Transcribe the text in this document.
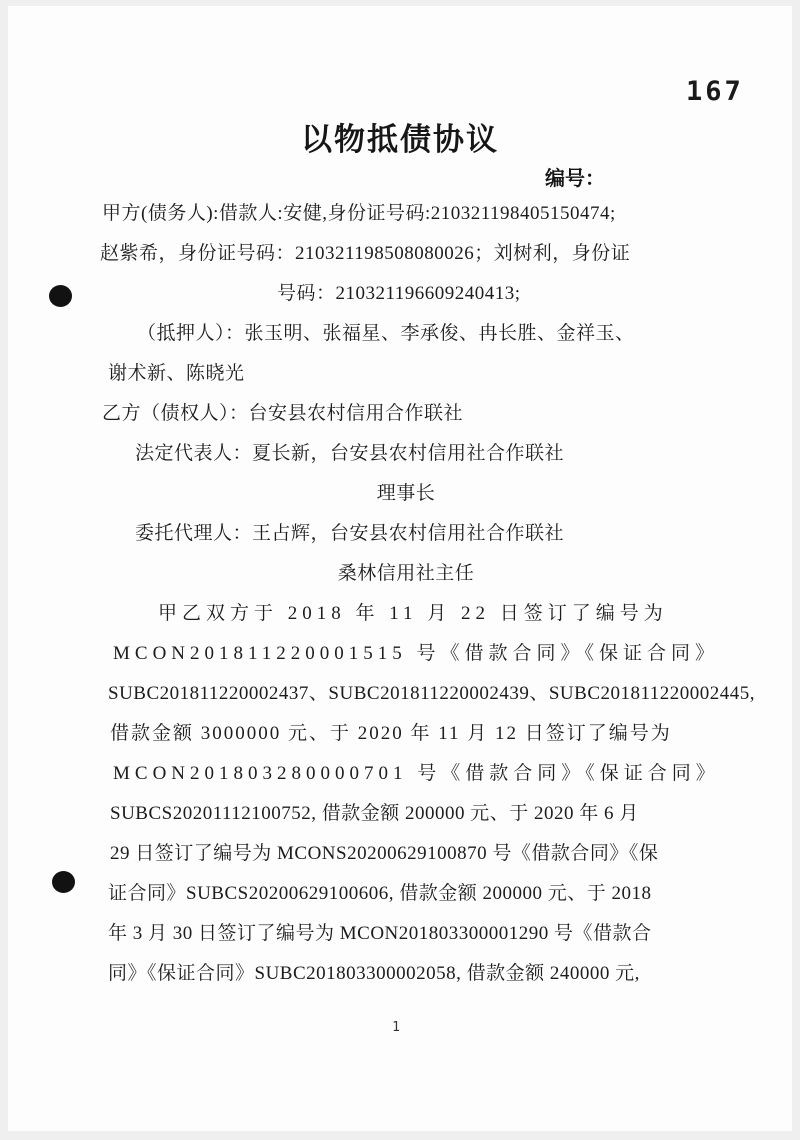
167
以物抵债协议
编号：
甲方(债务人):借款人:安健,身份证号码:210321198405150474;
赵紫希，身份证号码：210321198508080026；刘树利，身份证
号码：210321196609240413;
（抵押人）：张玉明、张福星、李承俊、冉长胜、金祥玉、
谢术新、陈晓光
乙方（债权人）：台安县农村信用合作联社
法定代表人：夏长新，台安县农村信用社合作联社
理事长
委托代理人：王占辉，台安县农村信用社合作联社
桑林信用社主任
甲乙双方于 2018 年 11 月 22 日签订了编号为
MCON201811220001515 号《借款合同》《保证合同》
SUBC201811220002437、SUBC201811220002439、SUBC201811220002445,
借款金额 3000000 元、于 2020 年 11 月 12 日签订了编号为
MCON201803280000701 号《借款合同》《保证合同》
SUBCS20201112100752, 借款金额 200000 元、于 2020 年 6 月
29 日签订了编号为 MCONS20200629100870 号《借款合同》《保
证合同》SUBCS20200629100606, 借款金额 200000 元、于 2018
年 3 月 30 日签订了编号为 MCON201803300001290 号《借款合
同》《保证合同》SUBC201803300002058, 借款金额 240000 元,
1
